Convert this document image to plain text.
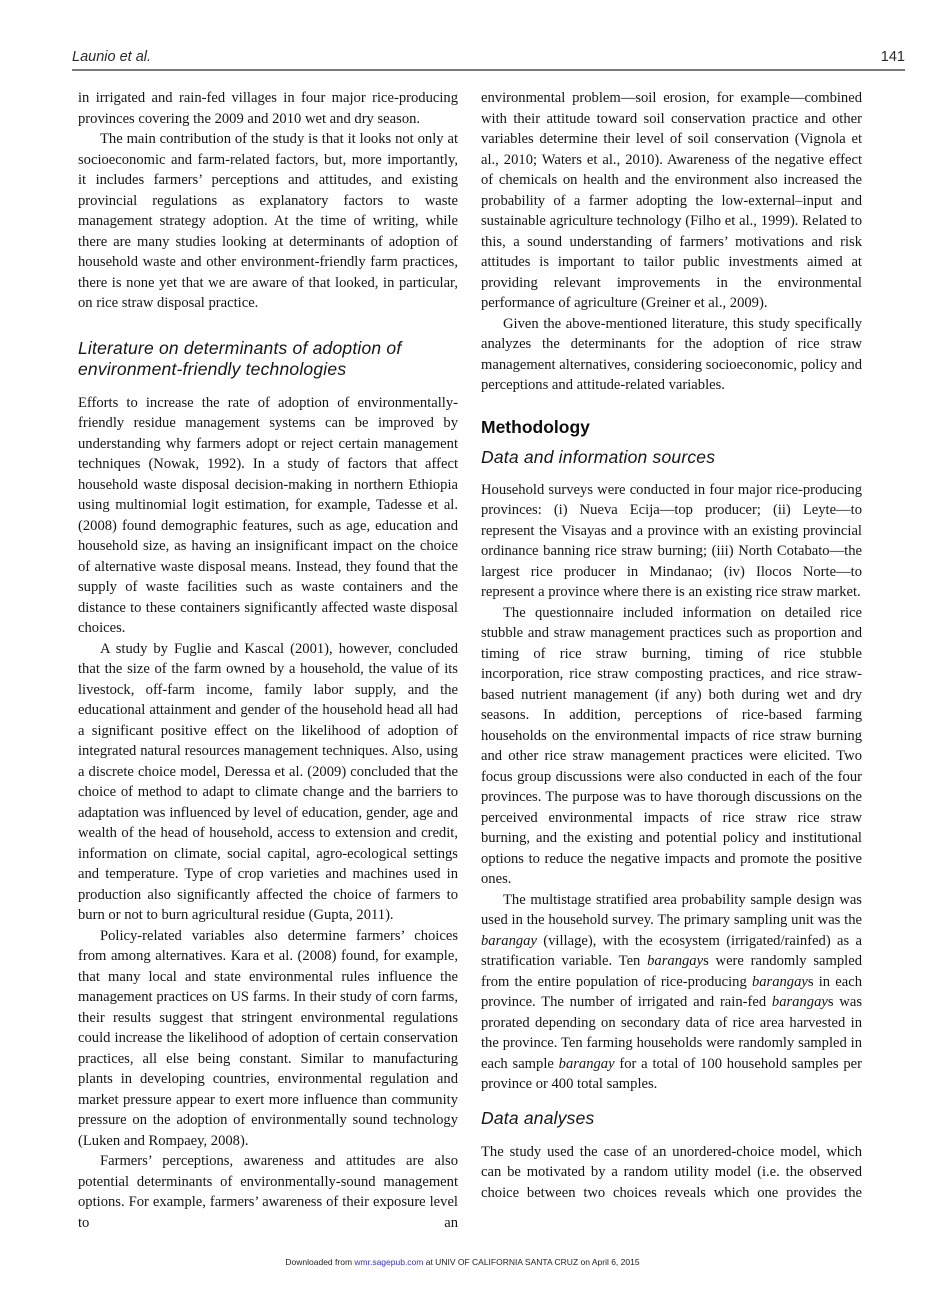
Launio et al.	141

in irrigated and rain-fed villages in four major rice-producing provinces covering the 2009 and 2010 wet and dry season.

The main contribution of the study is that it looks not only at socioeconomic and farm-related factors, but, more importantly, it includes farmers’ perceptions and attitudes, and existing provincial regulations as explanatory factors to waste management strategy adoption. At the time of writing, while there are many studies looking at determinants of adoption of household waste and other environment-friendly farm practices, there is none yet that we are aware of that looked, in particular, on rice straw disposal practice.

Literature on determinants of adoption of environment-friendly technologies

Efforts to increase the rate of adoption of environmentally-friendly residue management systems can be improved by understanding why farmers adopt or reject certain management techniques (Nowak, 1992). In a study of factors that affect household waste disposal decision-making in northern Ethiopia using multinomial logit estimation, for example, Tadesse et al. (2008) found demographic features, such as age, education and household size, as having an insignificant impact on the choice of alternative waste disposal means. Instead, they found that the supply of waste facilities such as waste containers and the distance to these containers significantly affected waste disposal choices.

A study by Fuglie and Kascal (2001), however, concluded that the size of the farm owned by a household, the value of its livestock, off-farm income, family labor supply, and the educational attainment and gender of the household head all had a significant positive effect on the likelihood of adoption of integrated natural resources management techniques. Also, using a discrete choice model, Deressa et al. (2009) concluded that the choice of method to adapt to climate change and the barriers to adaptation was influenced by level of education, gender, age and wealth of the head of household, access to extension and credit, information on climate, social capital, agro-ecological settings and temperature. Type of crop varieties and machines used in production also significantly affected the choice of farmers to burn or not to burn agricultural residue (Gupta, 2011).

Policy-related variables also determine farmers’ choices from among alternatives. Kara et al. (2008) found, for example, that many local and state environmental rules influence the management practices on US farms. In their study of corn farms, their results suggest that stringent environmental regulations could increase the likelihood of adoption of certain conservation practices, all else being constant. Similar to manufacturing plants in developing countries, environmental regulation and market pressure appear to exert more influence than community pressure on the adoption of environmentally sound technology (Luken and Rompaey, 2008).

Farmers’ perceptions, awareness and attitudes are also potential determinants of environmentally-sound management options. For example, farmers’ awareness of their exposure level to an

environmental problem—soil erosion, for example—combined with their attitude toward soil conservation practice and other variables determine their level of soil conservation (Vignola et al., 2010; Waters et al., 2010). Awareness of the negative effect of chemicals on health and the environment also increased the probability of a farmer adopting the low-external–input and sustainable agriculture technology (Filho et al., 1999). Related to this, a sound understanding of farmers’ motivations and risk attitudes is important to tailor public investments aimed at providing relevant improvements in the environmental performance of agriculture (Greiner et al., 2009).

Given the above-mentioned literature, this study specifically analyzes the determinants for the adoption of rice straw management alternatives, considering socioeconomic, policy and perceptions and attitude-related variables.

Methodology
Data and information sources

Household surveys were conducted in four major rice-producing provinces: (i) Nueva Ecija—top producer; (ii) Leyte—to represent the Visayas and a province with an existing provincial ordinance banning rice straw burning; (iii) North Cotabato—the largest rice producer in Mindanao; (iv) Ilocos Norte—to represent a province where there is an existing rice straw market.

The questionnaire included information on detailed rice stubble and straw management practices such as proportion and timing of rice straw burning, timing of rice stubble incorporation, rice straw composting practices, and rice straw-based nutrient management (if any) both during wet and dry seasons. In addition, perceptions of rice-based farming households on the environmental impacts of rice straw burning and other rice straw management practices were elicited. Two focus group discussions were also conducted in each of the four provinces. The purpose was to have thorough discussions on the perceived environmental impacts of rice straw rice straw burning, and the existing and potential policy and institutional options to reduce the negative impacts and promote the positive ones.

The multistage stratified area probability sample design was used in the household survey. The primary sampling unit was the barangay (village), with the ecosystem (irrigated/rainfed) as a stratification variable. Ten barangays were randomly sampled from the entire population of rice-producing barangays in each province. The number of irrigated and rain-fed barangays was prorated depending on secondary data of rice area harvested in the province. Ten farming households were randomly sampled in each sample barangay for a total of 100 household samples per province or 400 total samples.

Data analyses

The study used the case of an unordered-choice model, which can be motivated by a random utility model (i.e. the observed choice between two choices reveals which one provides the

Downloaded from wmr.sagepub.com at UNIV OF CALIFORNIA SANTA CRUZ on April 6, 2015
